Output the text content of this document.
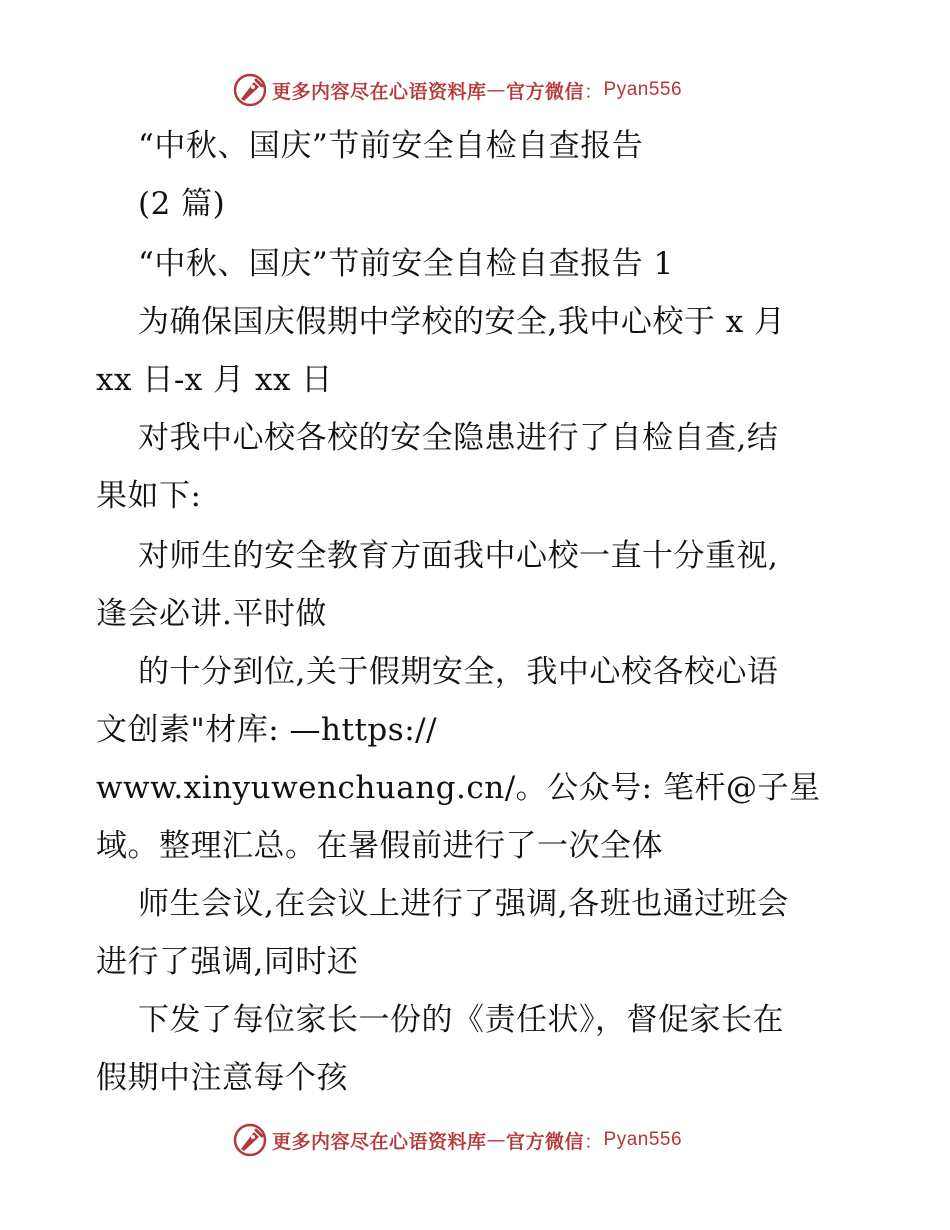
更多内容尽在心语资料库 — 官方微信 ： Pyan556
“中秋、国庆”节前安全自检自查报告
(2 篇)
“中秋、国庆”节前安全自检自查报告 1
为确保国庆假期中学校的安全,我中心校于 x 月
xx 日-x 月 xx 日
对我中心校各校的安全隐患进行了自检自查,结
果如下:
对师生的安全教育方面我中心校一直十分重视,
逢会必讲.平时做
的十分到位,关于假期安全，我中心校各校心语
文创素"材库: —https://
www.xinyuwenchuang.cn/。公众号: 笔杆@子星
域。整理汇总。在暑假前进行了一次全体
师生会议,在会议上进行了强调,各班也通过班会
进行了强调,同时还
下发了每位家长一份的《责任状》，督促家长在
假期中注意每个孩
更多内容尽在心语资料库 — 官方微信 ： Pyan556
